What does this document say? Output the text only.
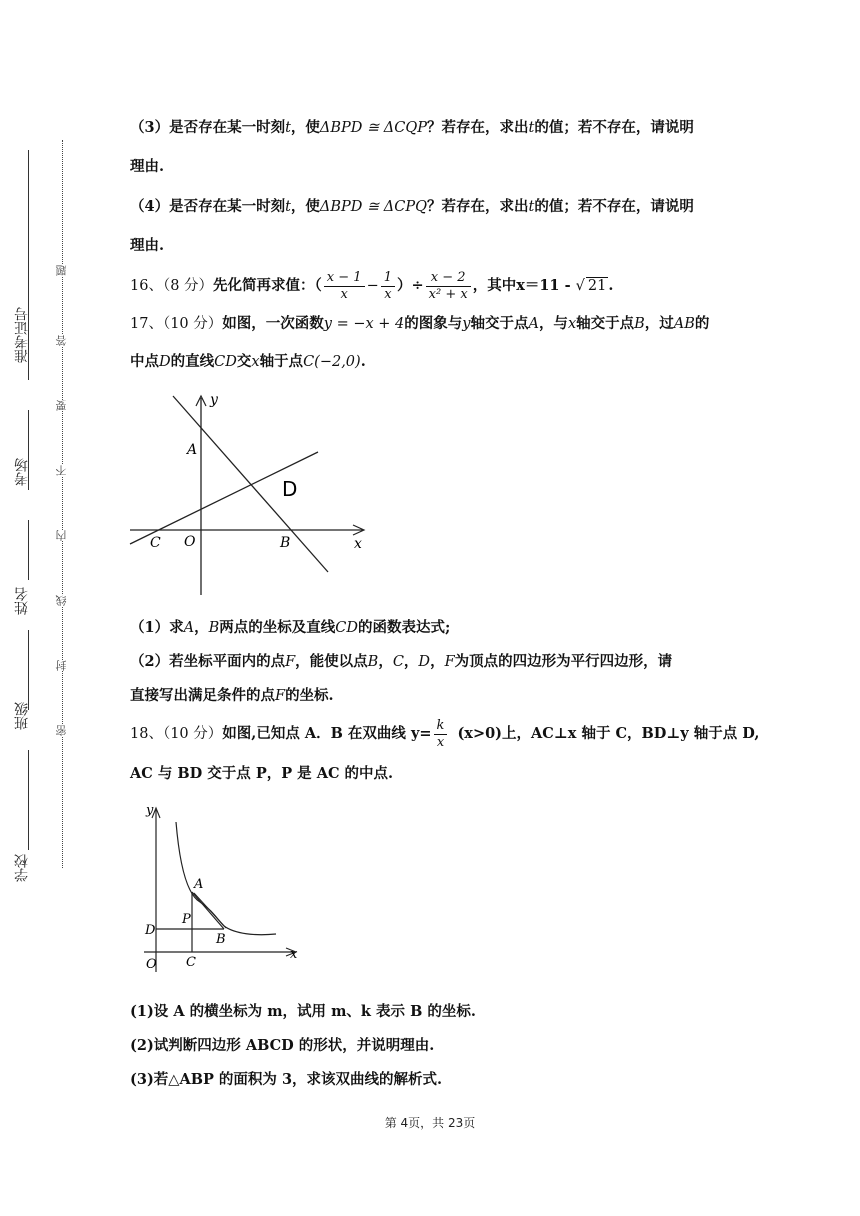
准考证号
考场
姓名
班级
学校
题
答
要
不
内
线
封
密
（3）是否存在某一时刻t，使ΔBPD ≅ ΔCQP？若存在，求出t的值；若不存在，请说明
理由.
（4）是否存在某一时刻t，使ΔBPD ≅ ΔCPQ？若存在，求出t的值；若不存在，请说明
理由.
16、（8 分）先化简再求值：（ $\frac{x - 1}{x} - \frac{1}{x}$ ）÷ $\frac{x - 2}{\text{x² + x}}$ ，其中x＝11 - √ 21 .
17、（10 分）如图，一次函数y = −x + 4的图象与y轴交于点A，与x轴交于点B，过AB的
中点D的直线CD交x轴于点C(−2,0).
y
A
D
C O	B	x
（1）求A，B两点的坐标及直线CD的函数表达式;
（2）若坐标平面内的点F，能使以点B，C，D，F为顶点的四边形为平行四边形，请
直接写出满足条件的点F的坐标.
18、（10 分）如图,已知点 A．B 在双曲线 $y= \frac{k}{x} (x>0)$上，AC⊥x 轴于 C，BD⊥y 轴于点 D,
AC 与 BD 交于点 P，P 是 AC 的中点.
y
A
P
D
B
O C
x
(1)设 A 的横坐标为 m，试用 m、k 表示 B 的坐标.
(2)试判断四边形 ABCD 的形状，并说明理由.
(3)若△ABP 的面积为 3，求该双曲线的解析式.
第 4页，共 23页
